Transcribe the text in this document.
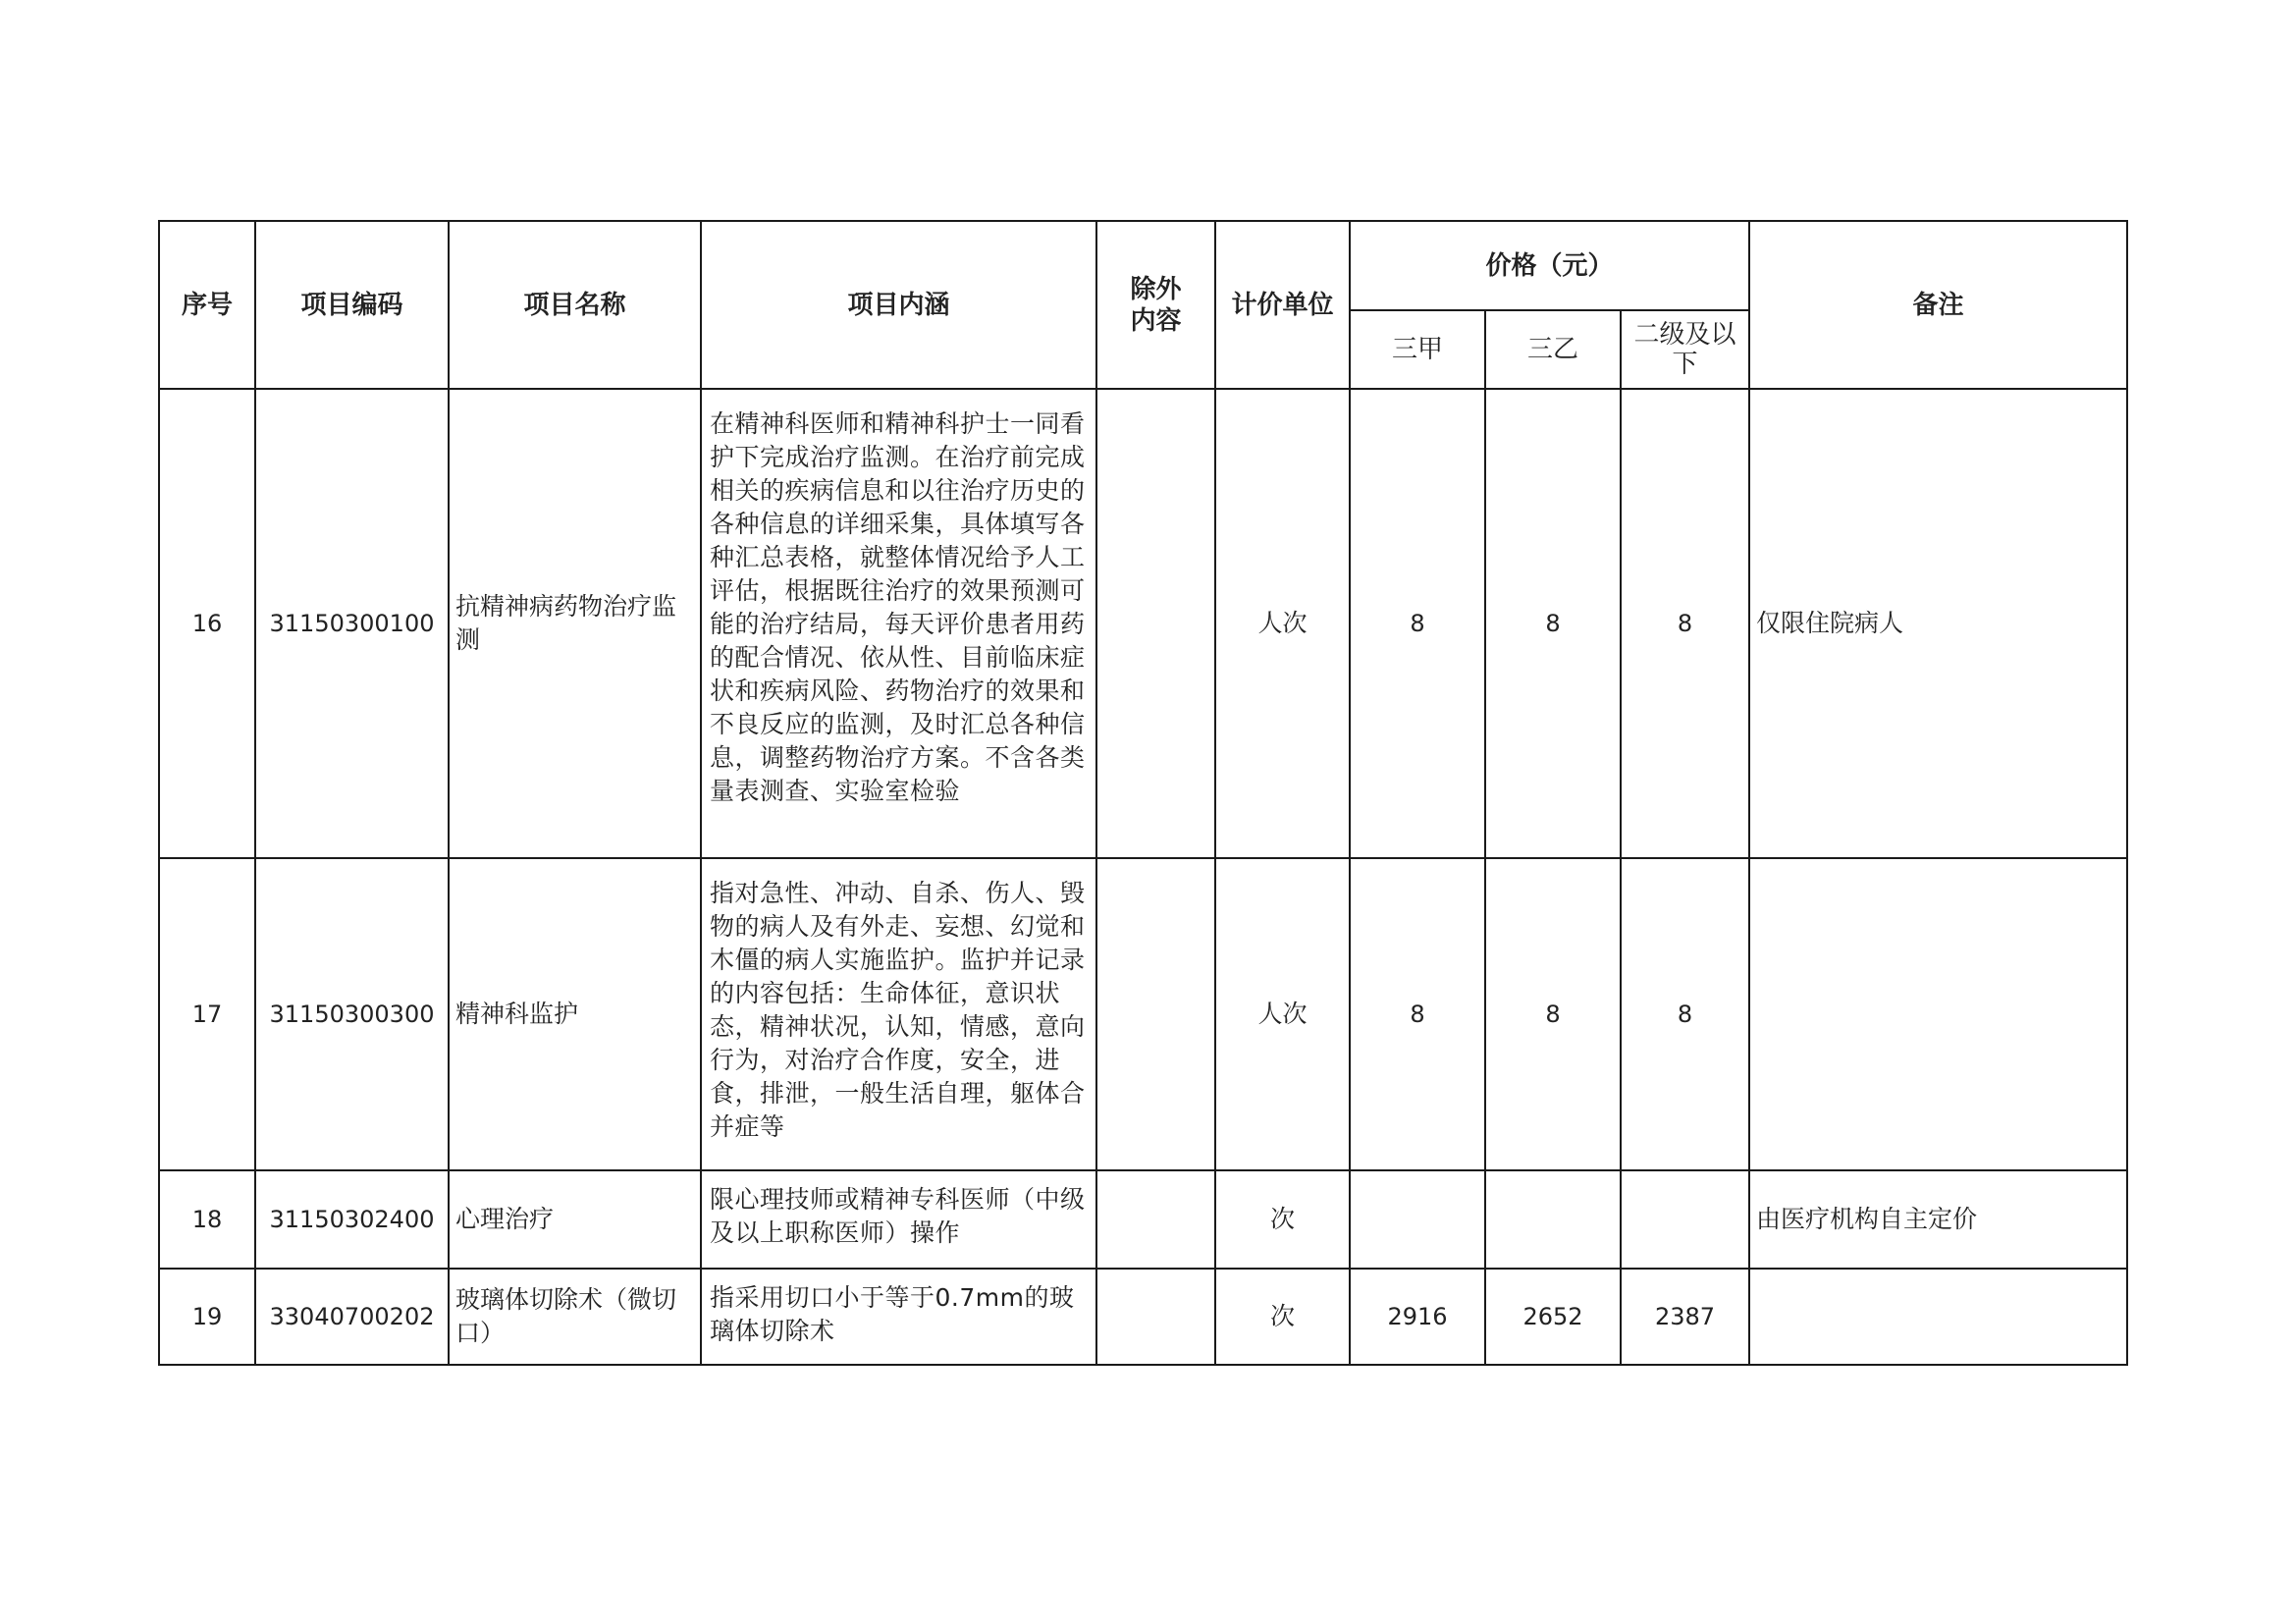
序号	项目编码	项目名称	项目内涵	除外内容	计价单位	价格（元）			备注
						三甲	三乙	二级及以下	
16	31150300100	抗精神病药物治疗监测	在精神科医师和精神科护士一同看护下完成治疗监测。在治疗前完成相关的疾病信息和以往治疗历史的各种信息的详细采集，具体填写各种汇总表格，就整体情况给予人工评估，根据既往治疗的效果预测可能的治疗结局，每天评价患者用药的配合情况、依从性、目前临床症状和疾病风险、药物治疗的效果和不良反应的监测，及时汇总各种信息，调整药物治疗方案。不含各类量表测查、实验室检验		人次	8	8	8	仅限住院病人
17	31150300300	精神科监护	指对急性、冲动、自杀、伤人、毁物的病人及有外走、妄想、幻觉和木僵的病人实施监护。监护并记录的内容包括：生命体征，意识状态，精神状况，认知，情感，意向行为，对治疗合作度，安全，进食，排泄，一般生活自理，躯体合并症等		人次	8	8	8	
18	31150302400	心理治疗	限心理技师或精神专科医师（中级及以上职称医师）操作		次				由医疗机构自主定价
19	33040700202	玻璃体切除术（微切口）	指采用切口小于等于0.7mm的玻璃体切除术		次	2916	2652	2387	
